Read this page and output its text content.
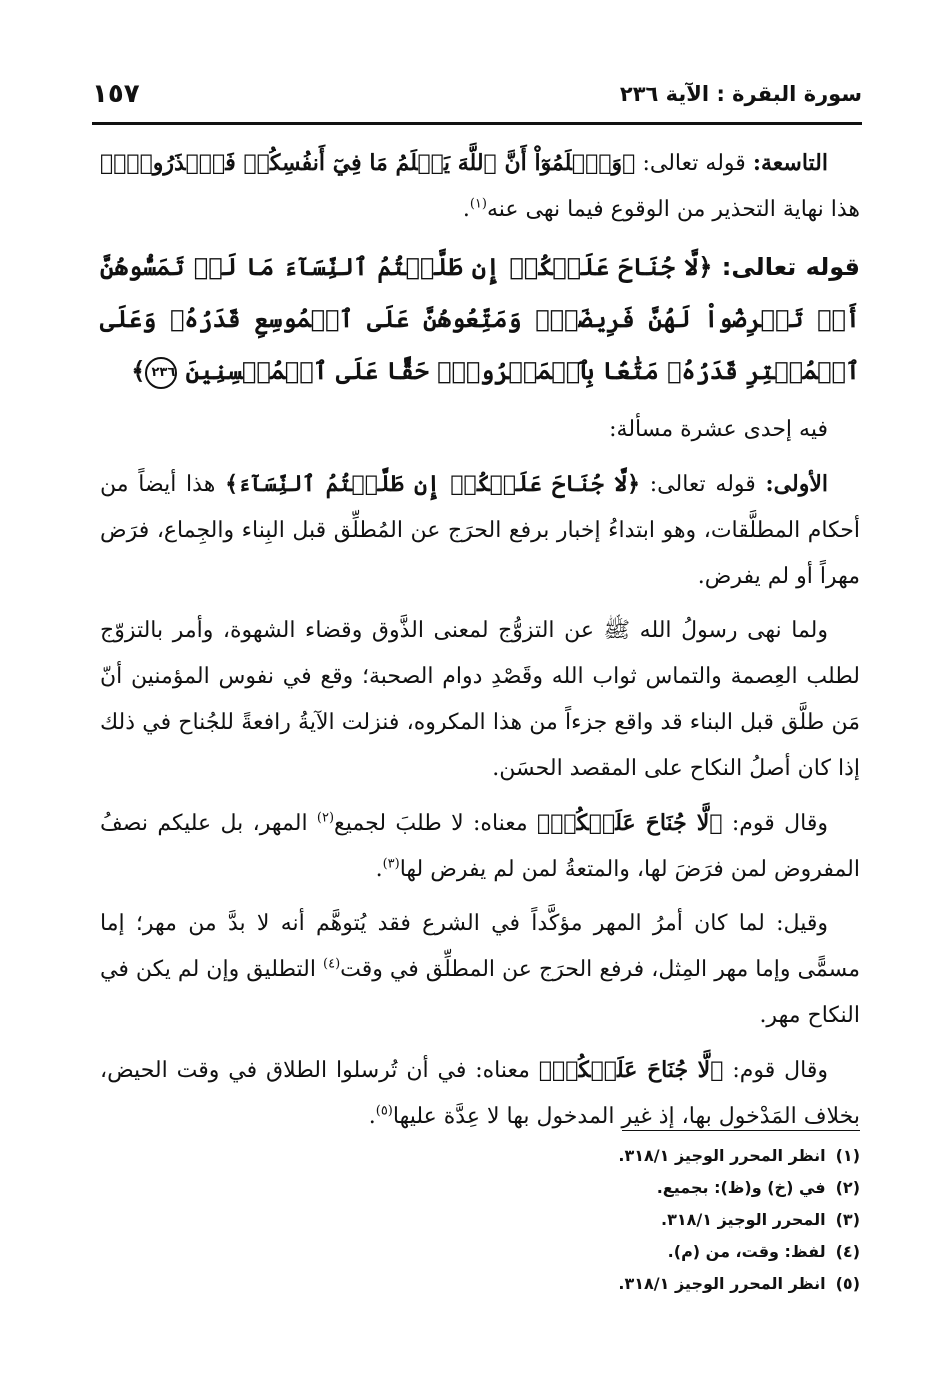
١٥٧	سورة البقرة : الآية ٢٣٦

التاسعة: قوله تعالى: ﴿وَٱعۡلَمُوٓاْ أَنَّ ٱللَّهَ يَعۡلَمُ مَا فِيٓ أَنفُسِكُمۡ فَٱحۡذَرُوهُۚ﴾ هذا نهاية التحذير من الوقوع فيما نهى عنه$^{(١)}$.

قوله تعالى: ﴿لَّا جُنَاحَ عَلَيۡكُمۡ إِن طَلَّقۡتُمُ ٱلنِّسَآءَ مَا لَمۡ تَمَسُّوهُنَّ أَوۡ تَفۡرِضُواْ لَهُنَّ فَرِيضَةٗۚ وَمَتِّعُوهُنَّ عَلَى ٱلۡمُوسِعِ قَدَرُهُۥ وَعَلَى ٱلۡمُقۡتِرِ قَدَرُهُۥ مَتَٰعَۢا بِٱلۡمَعۡرُوفِۖ حَقًّا عَلَى ٱلۡمُحۡسِنِينَ ٢٣٦﴾

فيه إحدى عشرة مسألة:

الأولى: قوله تعالى: ﴿لَّا جُنَاحَ عَلَيۡكُمۡ إِن طَلَّقۡتُمُ ٱلنِّسَآءَ﴾ هذا أيضاً من أحكام المطلَّقات، وهو ابتداءُ إخبار برفع الحرَج عن المُطلِّق قبل البِناء والجِماع، فرَض مهراً أو لم يفرض.

ولما نهى رسولُ الله ﷺ عن التزوُّج لمعنى الذَّوق وقضاء الشهوة، وأمر بالتزوّج لطلب العِصمة والتماس ثواب الله وقَصْدِ دوام الصحبة؛ وقع في نفوس المؤمنين أنّ مَن طلَّق قبل البناء قد واقع جزءاً من هذا المكروه، فنزلت الآيةُ رافعةً للجُناح في ذلك إذا كان أصلُ النكاح على المقصد الحسَن.

وقال قوم: ﴿لَّا جُنَاحَ عَلَيۡكُمۡ﴾ معناه: لا طلبَ لجميع$^{(٢)}$ المهر، بل عليكم نصفُ المفروض لمن فرَضَ لها، والمتعةُ لمن لم يفرض لها$^{(٣)}$.

وقيل: لما كان أمرُ المهر مؤكَّداً في الشرع فقد يُتوهَّم أنه لا بدَّ من مهر؛ إما مسمًّى وإما مهر المِثل، فرفع الحرَج عن المطلِّق في وقت$^{(٤)}$ التطليق وإن لم يكن في النكاح مهر.

وقال قوم: ﴿لَّا جُنَاحَ عَلَيۡكُمۡ﴾ معناه: في أن تُرسلوا الطلاق في وقت الحيض، بخلاف المَدْخول بها، إذ غير المدخول بها لا عِدَّة عليها$^{(٥)}$.

(١)انظر المحرر الوجيز ٣١٨/١.
(٢)في (خ) و(ظ): بجميع.
(٣)المحرر الوجيز ٣١٨/١.
(٤)لفظ: وقت، من (م).
(٥)انظر المحرر الوجيز ٣١٨/١.
